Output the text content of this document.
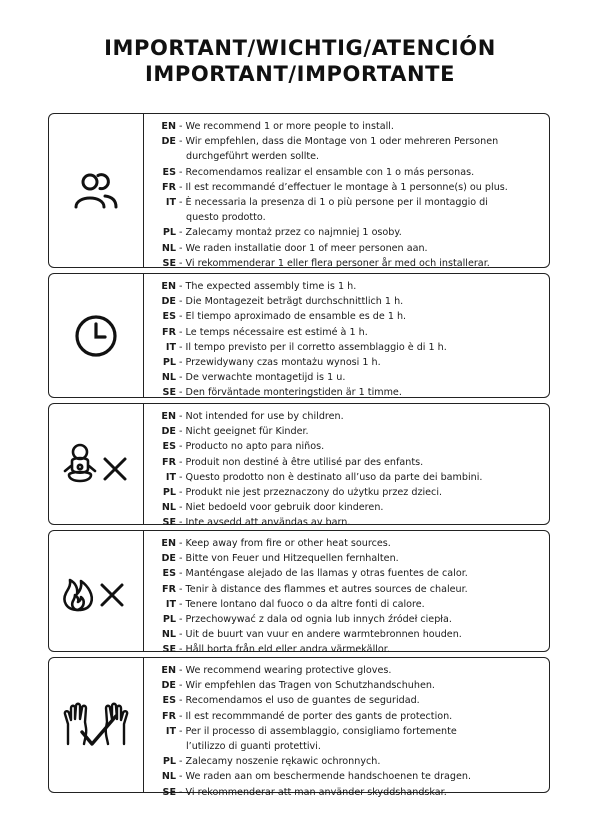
IMPORTANT/WICHTIG/ATENCIÓN
IMPORTANT/IMPORTANTE
EN - We recommend 1 or more people to install.
DE - Wir empfehlen, dass die Montage von 1 oder mehreren Personen
durchgeführt werden sollte.
ES - Recomendamos realizar el ensamble con 1 o más personas.
FR - Il est recommandé d’effectuer le montage à 1 personne(s) ou plus.
IT - È necessaria la presenza di 1 o più persone per il montaggio di
questo prodotto.
PL - Zalecamy montaż przez co najmniej 1 osoby.
NL - We raden installatie door 1 of meer personen aan.
SE - Vi rekommenderar 1 eller flera personer år med och installerar.
EN - The expected assembly time is 1 h.
DE - Die Montagezeit beträgt durchschnittlich 1 h.
ES - El tiempo aproximado de ensamble es de 1 h.
FR - Le temps nécessaire est estimé à 1 h.
IT - Il tempo previsto per il corretto assemblaggio è di 1 h.
PL - Przewidywany czas montażu wynosi 1 h.
NL - De verwachte montagetijd is 1 u.
SE - Den förväntade monteringstiden är 1 timme.
EN - Not intended for use by children.
DE - Nicht geeignet für Kinder.
ES - Producto no apto para niños.
FR - Produit non destiné à être utilisé par des enfants.
IT - Questo prodotto non è destinato all’uso da parte dei bambini.
PL - Produkt nie jest przeznaczony do użytku przez dzieci.
NL - Niet bedoeld voor gebruik door kinderen.
SE - Inte avsedd att användas av barn.
EN - Keep away from fire or other heat sources.
DE - Bitte von Feuer und Hitzequellen fernhalten.
ES - Manténgase alejado de las llamas y otras fuentes de calor.
FR - Tenir à distance des flammes et autres sources de chaleur.
IT - Tenere lontano dal fuoco o da altre fonti di calore.
PL - Przechowywać z dala od ognia lub innych źródeł ciepła.
NL - Uit de buurt van vuur en andere warmtebronnen houden.
SE - Håll borta från eld eller andra värmekällor.
EN - We recommend wearing protective gloves.
DE - Wir empfehlen das Tragen von Schutzhandschuhen.
ES - Recomendamos el uso de guantes de seguridad.
FR - Il est recommmandé de porter des gants de protection.
IT - Per il processo di assemblaggio, consigliamo fortemente
l’utilizzo di guanti protettivi.
PL - Zalecamy noszenie rękawic ochronnych.
NL - We raden aan om beschermende handschoenen te dragen.
SE - Vi rekommenderar att man använder skyddshandskar.
